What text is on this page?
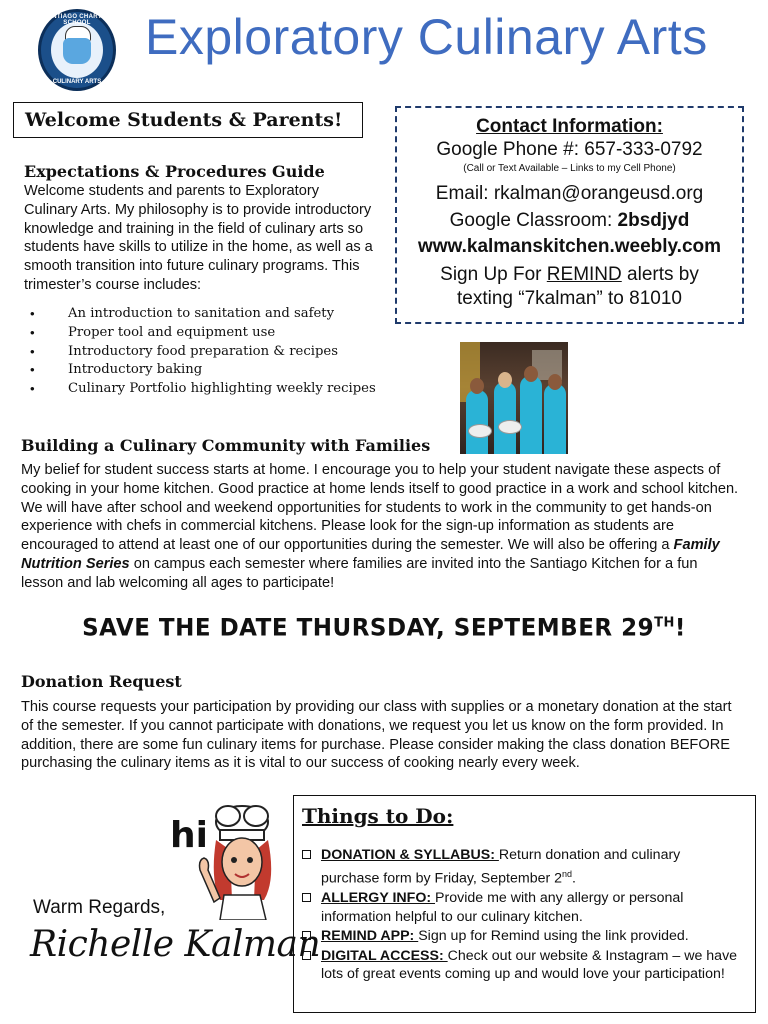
SANTIAGO CHARTER SCHOOL
CULINARY ARTS
Exploratory Culinary Arts
Welcome Students & Parents!	Contact Information:
Google Phone #: 657-333-0792
(Call or Text Available – Links to my Cell Phone)
Email: rkalman@orangeusd.org
Google Classroom: 2bsdjyd
www.kalmanskitchen.weebly.com
Sign Up For REMIND alerts by
texting “7kalman” to 81010
Expectations & Procedures Guide
Welcome students and parents to Exploratory Culinary Arts. My philosophy is to provide introductory knowledge and training in the field of culinary arts so students have skills to utilize in the home, as well as a smooth transition into future culinary programs. This trimester’s course includes:
• An introduction to sanitation and safety
• Proper tool and equipment use
• Introductory food preparation & recipes
• Introductory baking
• Culinary Portfolio highlighting weekly recipes
Building a Culinary Community with Families
My belief for student success starts at home. I encourage you to help your student navigate these aspects of cooking in your home kitchen. Good practice at home lends itself to good practice in a work and school kitchen. We will have after school and weekend opportunities for students to work in the community to get hands-on experience with chefs in commercial kitchens. Please look for the sign-up information as students are encouraged to attend at least one of our opportunities during the semester. We will also be offering a Family Nutrition Series on campus each semester where families are invited into the Santiago Kitchen for a fun lesson and lab welcoming all ages to participate!
SAVE THE DATE THURSDAY, SEPTEMBER 29TH!
Donation Request
This course requests your participation by providing our class with supplies or a monetary donation at the start of the semester. If you cannot participate with donations, we request you let us know on the form provided. In addition, there are some fun culinary items for purchase. Please consider making the class donation BEFORE purchasing the culinary items as it is vital to our success of cooking nearly every week.
hi
Warm Regards,
Richelle Kalman
Things to Do:
DONATION & SYLLABUS: Return donation and culinary purchase form by Friday, September 2nd.
ALLERGY INFO: Provide me with any allergy or personal information helpful to our culinary kitchen.
REMIND APP: Sign up for Remind using the link provided.
DIGITAL ACCESS: Check out our website & Instagram – we have lots of great events coming up and would love your participation!
